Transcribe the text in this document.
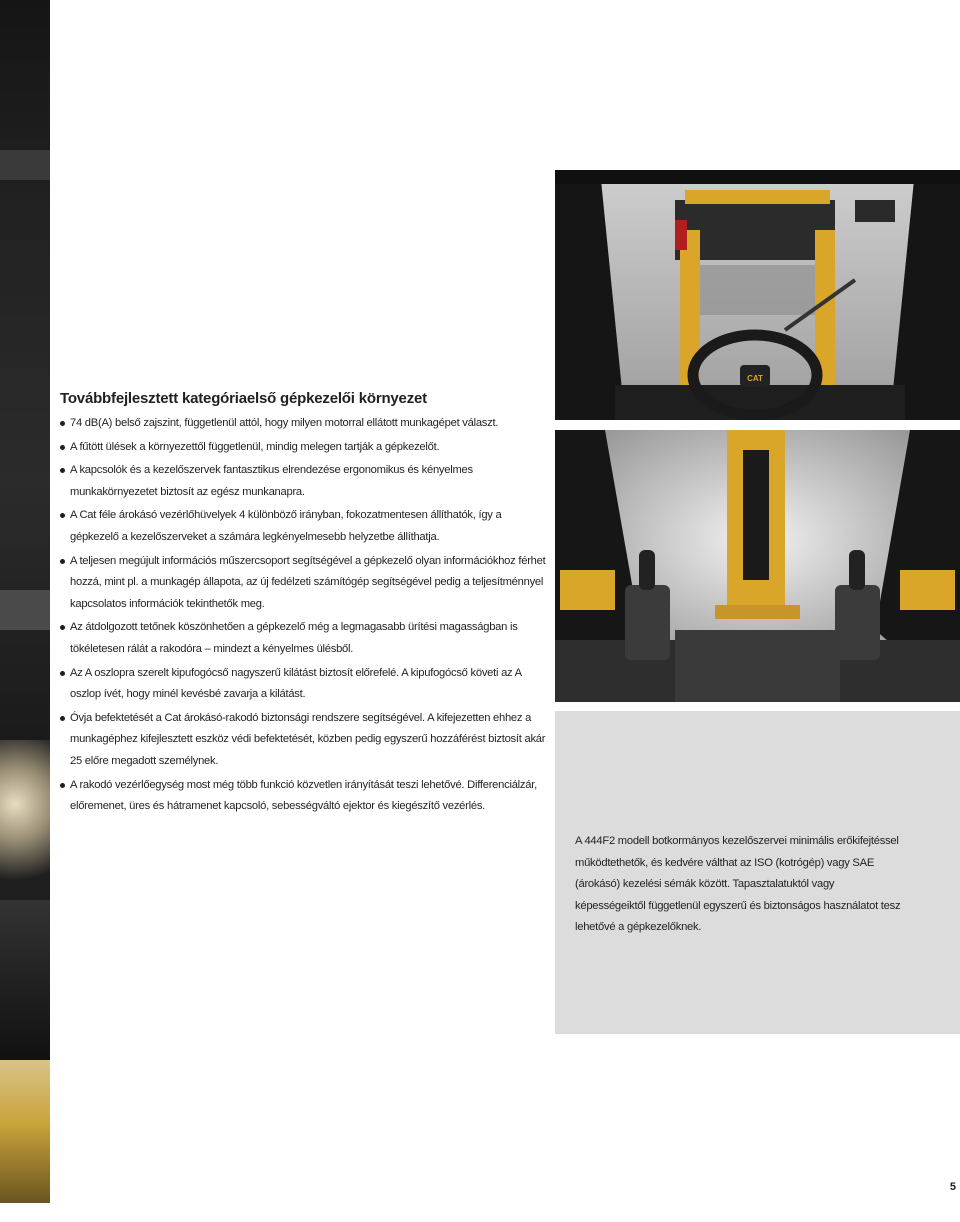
Továbbfejlesztett kategóriaelső gépkezelői környezet
74 dB(A) belső zajszint, függetlenül attól, hogy milyen motorral ellátott munkagépet választ.
A fűtött ülések a környezettől függetlenül, mindig melegen tartják a gépkezelőt.
A kapcsolók és a kezelőszervek fantasztikus elrendezése ergonomikus és kényelmes munkakörnyezetet biztosít az egész munkanapra.
A Cat féle árokásó vezérlőhüvelyek 4 különböző irányban, fokozatmentesen állíthatók, így a gépkezelő a kezelőszerveket a számára legkényelmesebb helyzetbe állíthatja.
A teljesen megújult információs műszercsoport segítségével a gépkezelő olyan információkhoz férhet hozzá, mint pl. a munkagép állapota, az új fedélzeti számítógép segítségével pedig a teljesítménnyel kapcsolatos információk tekinthetők meg.
Az átdolgozott tetőnek köszönhetően a gépkezelő még a legmagasabb ürítési magasságban is tökéletesen rálát a rakodóra – mindezt a kényelmes ülésből.
Az A oszlopra szerelt kipufogócső nagyszerű kilátást biztosít előrefelé. A kipufogócső követi az A oszlop ívét, hogy minél kevésbé zavarja a kilátást.
Óvja befektetését a Cat árokásó-rakodó biztonsági rendszere segítségével. A kifejezetten ehhez a munkagéphez kifejlesztett eszköz védi befektetését, közben pedig egyszerű hozzáférést biztosít akár 25 előre megadott személynek.
A rakodó vezérlőegység most még több funkció közvetlen irányítását teszi lehetővé. Differenciálzár, előremenet, üres és hátramenet kapcsoló, sebességváltó ejektor és kiegészítő vezérlés.
CAT

A 444F2 modell botkormányos kezelőszervei minimális erőkifejtéssel működtethetők, és kedvére válthat az ISO (kotrógép) vagy SAE (árokásó) kezelési sémák között. Tapasztalatuktól vagy képességeiktől függetlenül egyszerű és biztonságos használatot tesz lehetővé a gépkezelőknek.

5
